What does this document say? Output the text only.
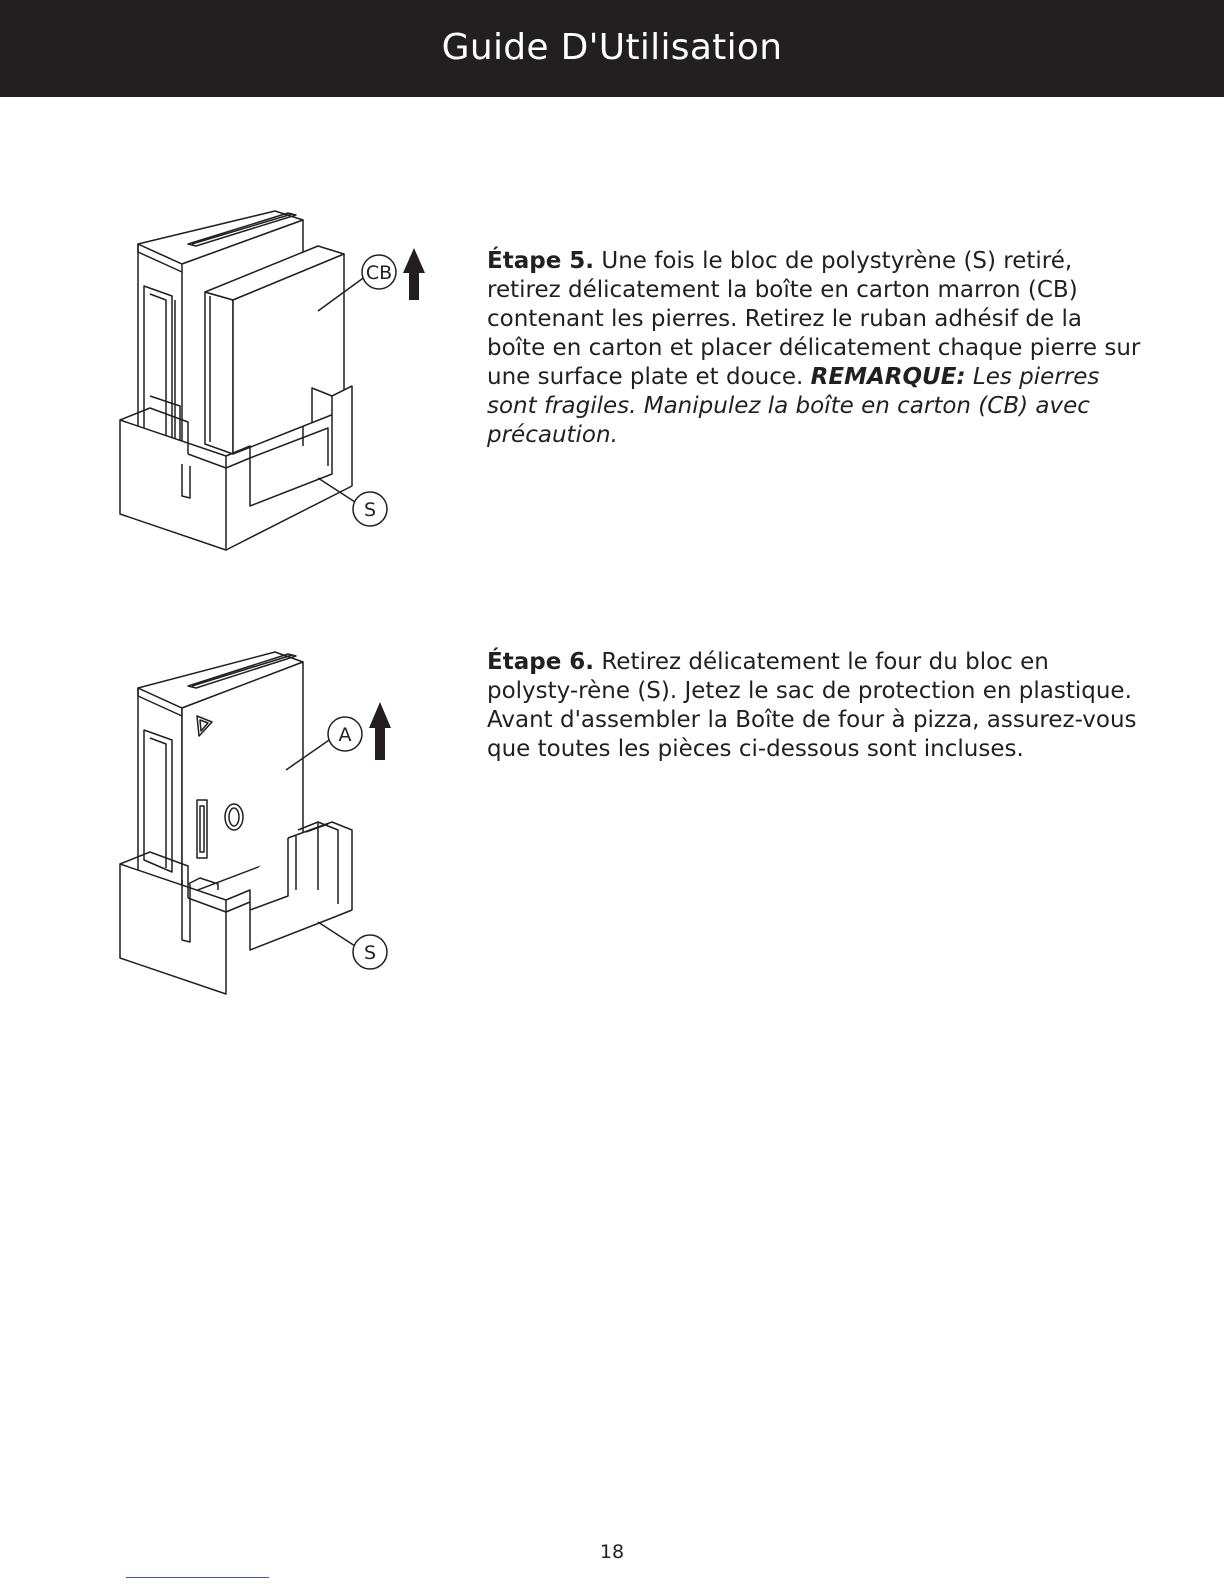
Guide D'Utilisation
CB
S
A
S
Étape 5. Une fois le bloc de polystyrène (S) retiré, retirez délicatement la boîte en carton marron (CB) contenant les pierres. Retirez le ruban adhésif de la boîte en carton et placer délicatement chaque pierre sur une surface plate et douce. REMARQUE: Les pierres sont fragiles. Manipulez la boîte en carton (CB) avec précaution.
Étape 6. Retirez délicatement le four du bloc en polysty-rène (S). Jetez le sac de protection en plastique. Avant d'assembler la Boîte de four à pizza, assurez-vous que toutes les pièces ci-dessous sont incluses.
18
